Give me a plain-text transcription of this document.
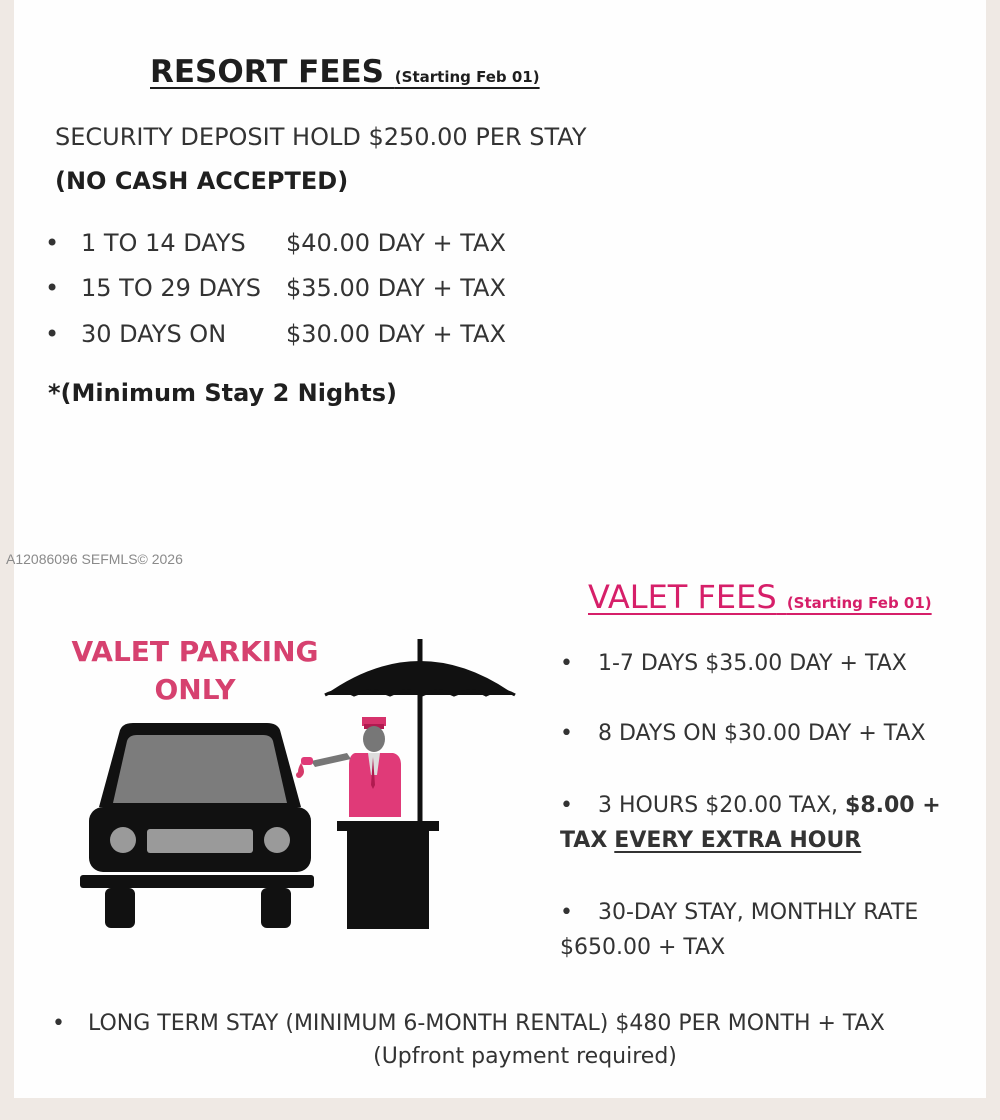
RESORT FEES (Starting Feb 01)
SECURITY DEPOSIT HOLD $250.00 PER STAY
(NO CASH ACCEPTED)
• 1 TO 14 DAYS $40.00 DAY + TAX
• 15 TO 29 DAYS $35.00 DAY + TAX
• 30 DAYS ON $30.00 DAY + TAX
*(Minimum Stay 2 Nights)
A12086096 SEFMLS© 2026
VALET PARKING
ONLY
VALET FEES (Starting Feb 01)
• 1-7 DAYS $35.00 DAY + TAX
• 8 DAYS ON $30.00 DAY + TAX
• 3 HOURS $20.00 TAX, $8.00 +
TAX EVERY EXTRA HOUR
• 30-DAY STAY, MONTHLY RATE
$650.00 + TAX
• LONG TERM STAY (MINIMUM 6-MONTH RENTAL) $480 PER MONTH + TAX
(Upfront payment required)
